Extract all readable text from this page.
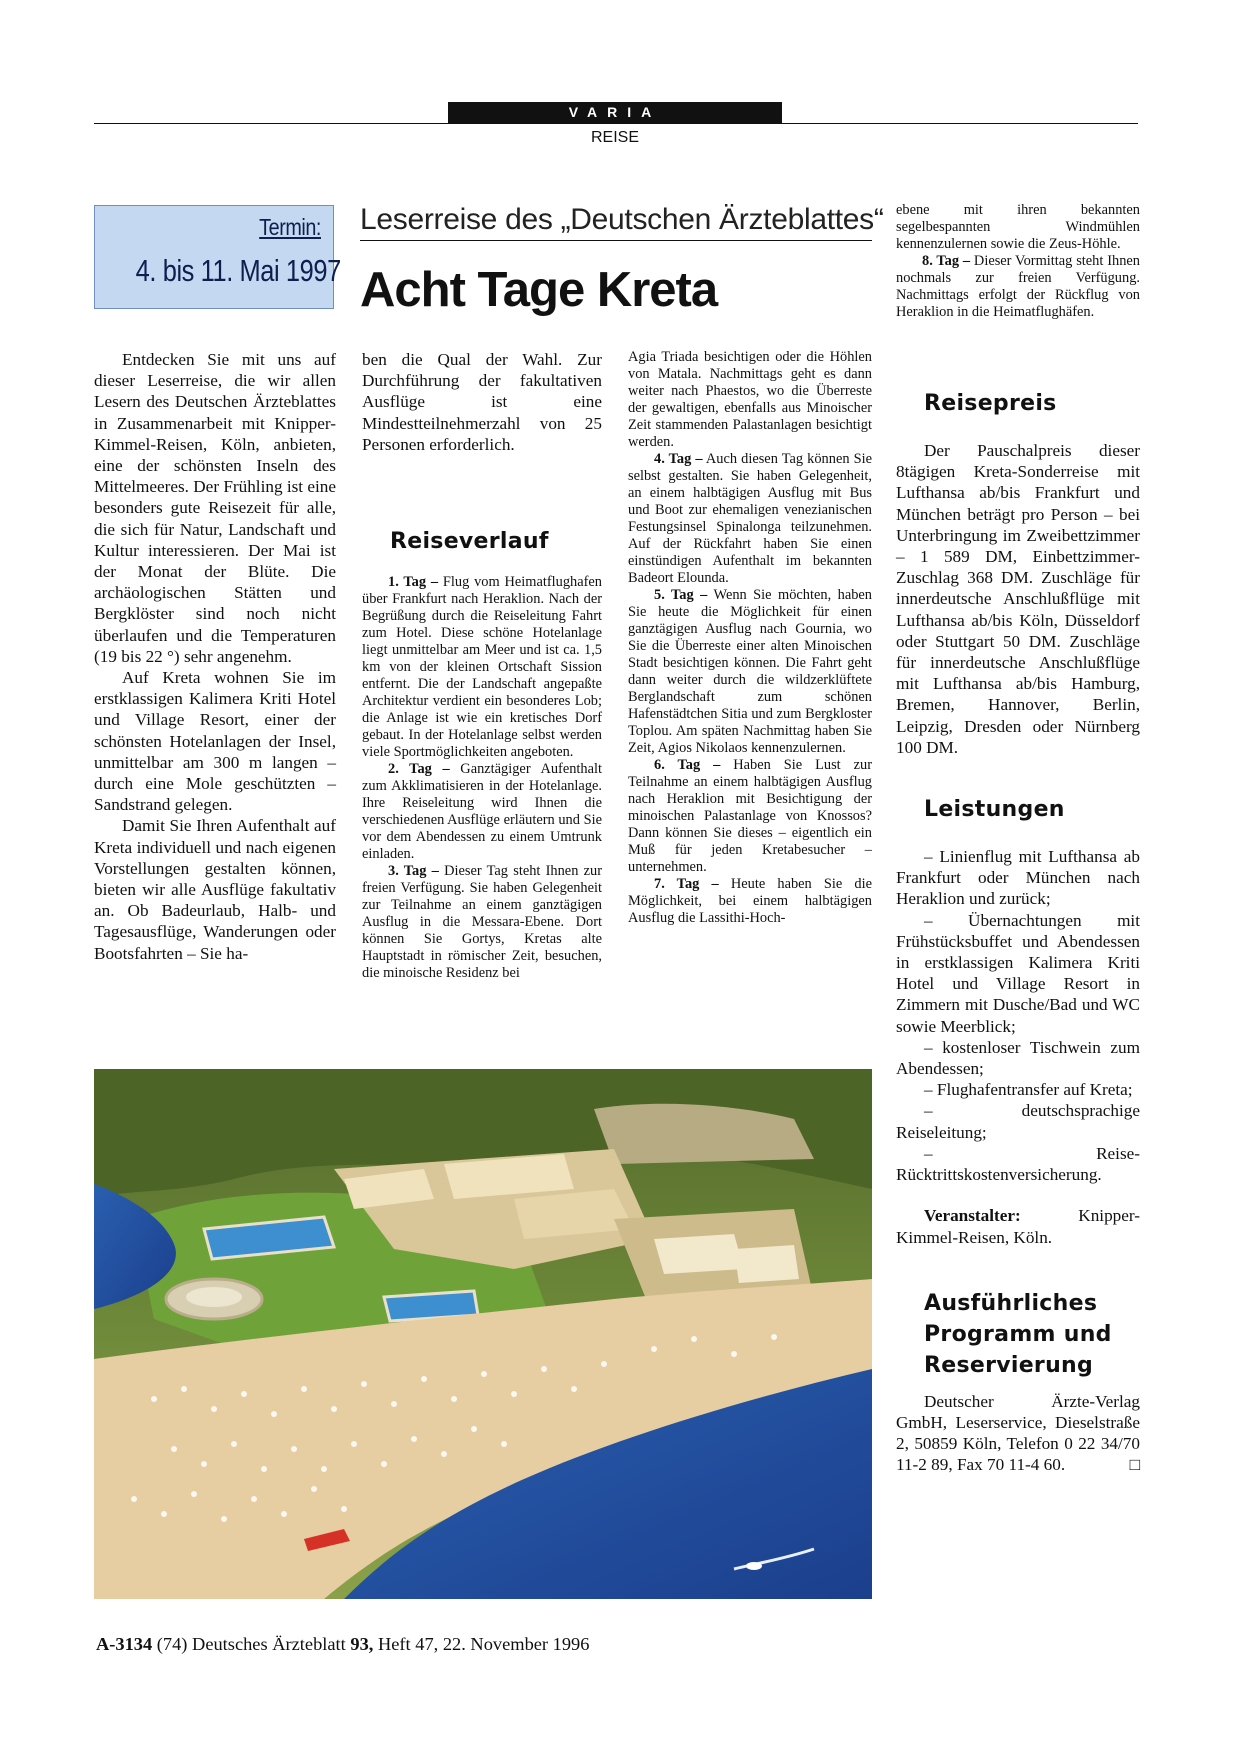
VARIA
REISE
Termin:
4. bis 11. Mai 1997
Leserreise des „Deutschen Ärzteblattes“
Acht Tage Kreta

Entdecken Sie mit uns auf dieser Leserreise, die wir allen Lesern des Deutschen Ärzteblattes in Zusammenarbeit mit Knipper-Kimmel-Reisen, Köln, anbieten, eine der schönsten Inseln des Mittelmeeres. Der Frühling ist eine besonders gute Reisezeit für alle, die sich für Natur, Landschaft und Kultur interessieren. Der Mai ist der Monat der Blüte. Die archäologischen Stätten und Bergklöster sind noch nicht überlaufen und die Temperaturen (19 bis 22 °) sehr angenehm.

Auf Kreta wohnen Sie im erstklassigen Kalimera Kriti Hotel und Village Resort, einer der schönsten Hotelanlagen der Insel, unmittelbar am 300 m langen – durch eine Mole geschützten – Sandstrand gelegen.

Damit Sie Ihren Aufenthalt auf Kreta individuell und nach eigenen Vorstellungen gestalten können, bieten wir alle Ausflüge fakultativ an. Ob Badeurlaub, Halb- und Tagesausflüge, Wanderungen oder Bootsfahrten – Sie ha-

ben die Qual der Wahl. Zur Durchführung der fakultativen Ausflüge ist eine Mindestteilnehmerzahl von 25 Personen erforderlich.

Reiseverlauf

1. Tag – Flug vom Heimatflughafen über Frankfurt nach Heraklion. Nach der Begrüßung durch die Reiseleitung Fahrt zum Hotel. Diese schöne Hotelanlage liegt unmittelbar am Meer und ist ca. 1,5 km von der kleinen Ortschaft Sission entfernt. Die der Landschaft angepaßte Architektur verdient ein besonderes Lob; die Anlage ist wie ein kretisches Dorf gebaut. In der Hotelanlage selbst werden viele Sportmöglichkeiten angeboten.

2. Tag – Ganztägiger Aufenthalt zum Akklimatisieren in der Hotelanlage. Ihre Reiseleitung wird Ihnen die verschiedenen Ausflüge erläutern und Sie vor dem Abendessen zu einem Umtrunk einladen.

3. Tag – Dieser Tag steht Ihnen zur freien Verfügung. Sie haben Gelegenheit zur Teilnahme an einem ganztägigen Ausflug in die Messara-Ebene. Dort können Sie Gortys, Kretas alte Hauptstadt in römischer Zeit, besuchen, die minoische Residenz bei

Agia Triada besichtigen oder die Höhlen von Matala. Nachmittags geht es dann weiter nach Phaestos, wo die Überreste der gewaltigen, ebenfalls aus Minoischer Zeit stammenden Palastanlagen besichtigt werden.

4. Tag – Auch diesen Tag können Sie selbst gestalten. Sie haben Gelegenheit, an einem halbtägigen Ausflug mit Bus und Boot zur ehemaligen venezianischen Festungsinsel Spinalonga teilzunehmen. Auf der Rückfahrt haben Sie einen einstündigen Aufenthalt im bekannten Badeort Elounda.

5. Tag – Wenn Sie möchten, haben Sie heute die Möglichkeit für einen ganztägigen Ausflug nach Gournia, wo Sie die Überreste einer alten Minoischen Stadt besichtigen können. Die Fahrt geht dann weiter durch die wildzerklüftete Berglandschaft zum schönen Hafenstädtchen Sitia und zum Bergkloster Toplou. Am späten Nachmittag haben Sie Zeit, Agios Nikolaos kennenzulernen.

6. Tag – Haben Sie Lust zur Teilnahme an einem halbtägigen Ausflug nach Heraklion mit Besichtigung der minoischen Palastanlage von Knossos? Dann können Sie dieses – eigentlich ein Muß für jeden Kretabesucher – unternehmen.

7. Tag – Heute haben Sie die Möglichkeit, bei einem halbtägigen Ausflug die Lassithi-Hoch-

ebene mit ihren bekannten segelbespannten Windmühlen kennenzulernen sowie die Zeus-Höhle.

8. Tag – Dieser Vormittag steht Ihnen nochmals zur freien Verfügung. Nachmittags erfolgt der Rückflug von Heraklion in die Heimatflughäfen.

Reisepreis

Der Pauschalpreis dieser 8tägigen Kreta-Sonderreise mit Lufthansa ab/bis Frankfurt und München beträgt pro Person – bei Unterbringung im Zweibettzimmer – 1 589 DM, Einbettzimmer-Zuschlag 368 DM. Zuschläge für innerdeutsche Anschlußflüge mit Lufthansa ab/bis Köln, Düsseldorf oder Stuttgart 50 DM. Zuschläge für innerdeutsche Anschlußflüge mit Lufthansa ab/bis Hamburg, Bremen, Hannover, Berlin, Leipzig, Dresden oder Nürnberg 100 DM.

Leistungen

– Linienflug mit Lufthansa ab Frankfurt oder München nach Heraklion und zurück;

– Übernachtungen mit Frühstücksbuffet und Abendessen in erstklassigen Kalimera Kriti Hotel und Village Resort in Zimmern mit Dusche/Bad und WC sowie Meerblick;

– kostenloser Tischwein zum Abendessen;

– Flughafentransfer auf Kreta;

– deutschsprachige Reiseleitung;

– Reise-Rücktrittskostenversicherung.

Veranstalter:	Knipper-Kimmel-Reisen, Köln.

Ausführliches Programm und Reservierung

Deutscher Ärzte-Verlag GmbH, Leserservice, Dieselstraße 2, 50859 Köln, Telefon 0 22 34/70 11-2 89, Fax 70 11-4 60.	□

A-3134 (74) Deutsches Ärzteblatt 93, Heft 47, 22. November 1996
